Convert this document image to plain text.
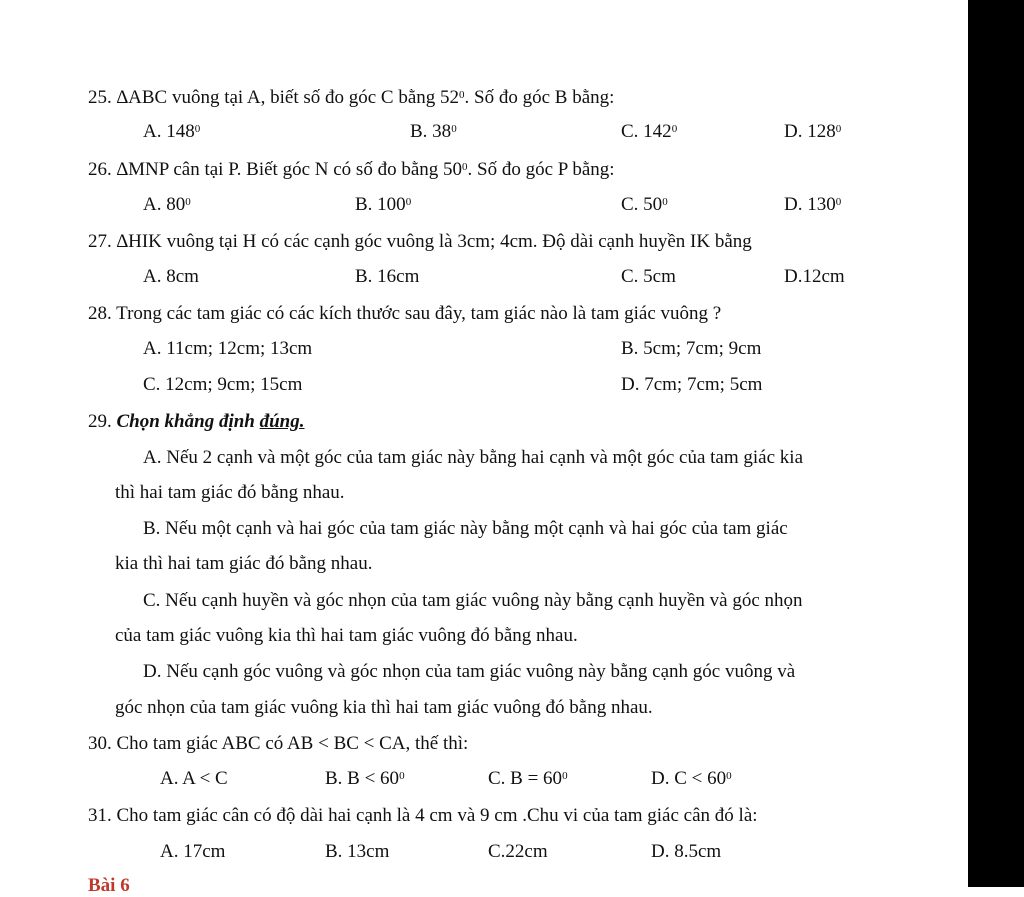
25. ∆ABC vuông tại A, biết số đo góc C bằng $52^0$. Số đo góc B bằng:
A. $148^0$	B. $38^0$	C. $142^0$	D. $128^0$
26. ∆MNP cân tại P. Biết góc N có số đo bằng $50^0$. Số đo góc P bằng:
A. $80^0$	B. $100^0$	C. $50^0$	D. $130^0$
27. ∆HIK vuông tại H có các cạnh góc vuông là 3cm; 4cm. Độ dài cạnh huyền IK bằng
A. 8cm	B. 16cm	C. 5cm	D.12cm
28. Trong các tam giác có các kích thước sau đây, tam giác nào là tam giác vuông ?
A. 11cm; 12cm; 13cm	B. 5cm; 7cm; 9cm
C. 12cm; 9cm; 15cm	D. 7cm; 7cm; 5cm
29. Chọn khẳng định đúng.
A. Nếu 2 cạnh và một góc của tam giác này bằng hai cạnh và một góc của tam giác kia
thì hai tam giác đó bằng nhau.
B. Nếu một cạnh và hai góc của tam giác này bằng một cạnh và hai góc của tam giác
kia thì hai tam giác đó bằng nhau.
C. Nếu cạnh huyền và góc nhọn của tam giác vuông này bằng cạnh huyền và góc nhọn
của tam giác vuông kia thì hai tam giác vuông đó bằng nhau.
D. Nếu cạnh góc vuông và góc nhọn của tam giác vuông này bằng cạnh góc vuông và
góc nhọn của tam giác vuông kia thì hai tam giác vuông đó bằng nhau.
30. Cho tam giác ABC có AB < BC < CA, thế thì:
A. A < C	B. $B < 60^0$	C. $B = 60^0$	D. $C < 60^0$
31. Cho tam giác cân có độ dài hai cạnh là 4 cm và 9 cm .Chu vi của tam giác cân đó là:
A. 17cm	B. 13cm	C.22cm	D. 8.5cm
Bài 6
